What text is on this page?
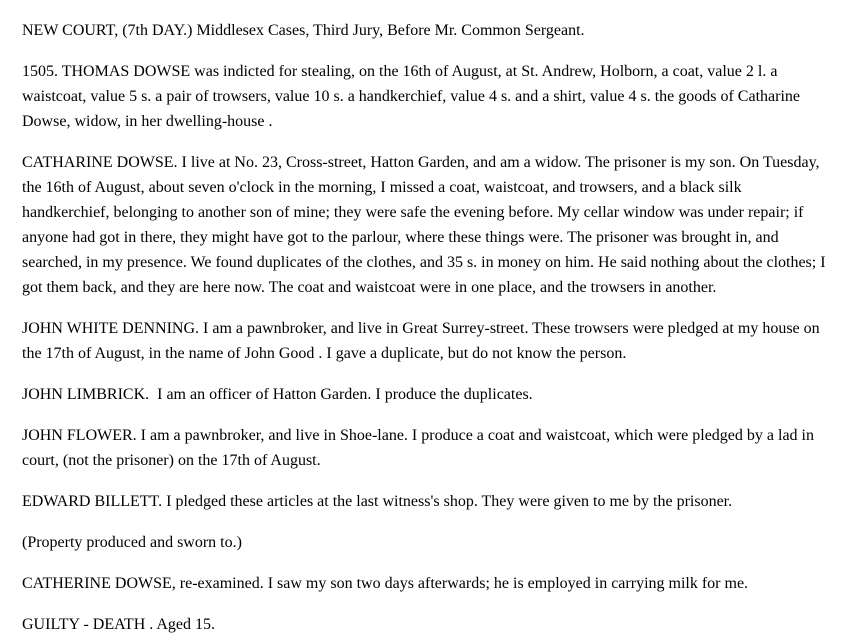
NEW COURT, (7th DAY.) Middlesex Cases, Third Jury, Before Mr. Common Sergeant.

1505. THOMAS DOWSE was indicted for stealing, on the 16th of August, at St. Andrew, Holborn, a coat, value 2 l. a waistcoat, value 5 s. a pair of trowsers, value 10 s. a handkerchief, value 4 s. and a shirt, value 4 s. the goods of Catharine Dowse, widow, in her dwelling-house .

CATHARINE DOWSE. I live at No. 23, Cross-street, Hatton Garden, and am a widow. The prisoner is my son. On Tuesday, the 16th of August, about seven o'clock in the morning, I missed a coat, waistcoat, and trowsers, and a black silk handkerchief, belonging to another son of mine; they were safe the evening before. My cellar window was under repair; if anyone had got in there, they might have got to the parlour, where these things were. The prisoner was brought in, and searched, in my presence. We found duplicates of the clothes, and 35 s. in money on him. He said nothing about the clothes; I got them back, and they are here now. The coat and waistcoat were in one place, and the trowsers in another.

JOHN WHITE DENNING. I am a pawnbroker, and live in Great Surrey-street. These trowsers were pledged at my house on the 17th of August, in the name of John Good . I gave a duplicate, but do not know the person.

JOHN LIMBRICK.  I am an officer of Hatton Garden. I produce the duplicates.

JOHN FLOWER. I am a pawnbroker, and live in Shoe-lane. I produce a coat and waistcoat, which were pledged by a lad in court, (not the prisoner) on the 17th of August.

EDWARD BILLETT. I pledged these articles at the last witness's shop. They were given to me by the prisoner.

(Property produced and sworn to.)

CATHERINE DOWSE, re-examined. I saw my son two days afterwards; he is employed in carrying milk for me.

GUILTY - DEATH . Aged 15.
